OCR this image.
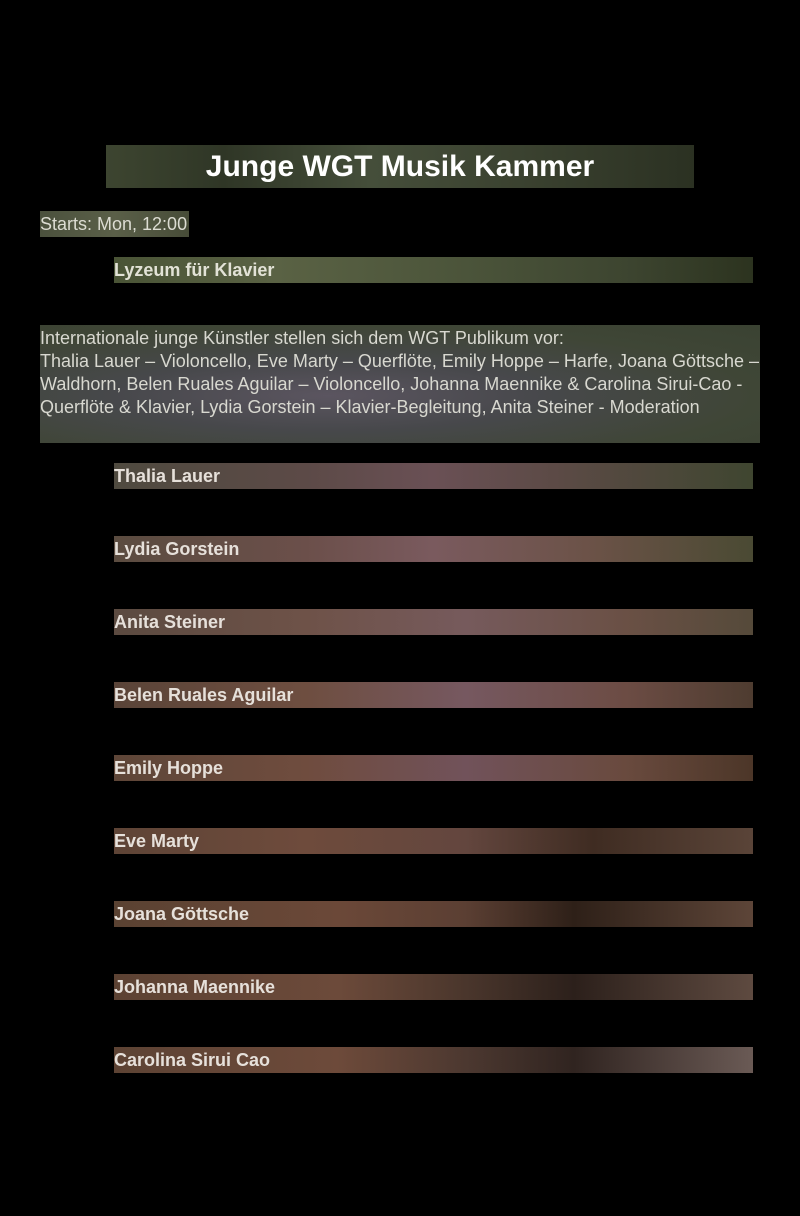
Junge WGT Musik Kammer
Starts: Mon, 12:00
Lyzeum für Klavier
Internationale junge Künstler stellen sich dem WGT Publikum vor:
Thalia Lauer – Violoncello, Eve Marty – Querflöte, Emily Hoppe – Harfe, Joana Göttsche – Waldhorn, Belen Ruales Aguilar – Violoncello, Johanna Maennike & Carolina Sirui-Cao - Querflöte & Klavier, Lydia Gorstein – Klavier-Begleitung, Anita Steiner - Moderation
Thalia Lauer
Lydia Gorstein
Anita Steiner
Belen Ruales Aguilar
Emily Hoppe
Eve Marty
Joana Göttsche
Johanna Maennike
Carolina Sirui Cao
